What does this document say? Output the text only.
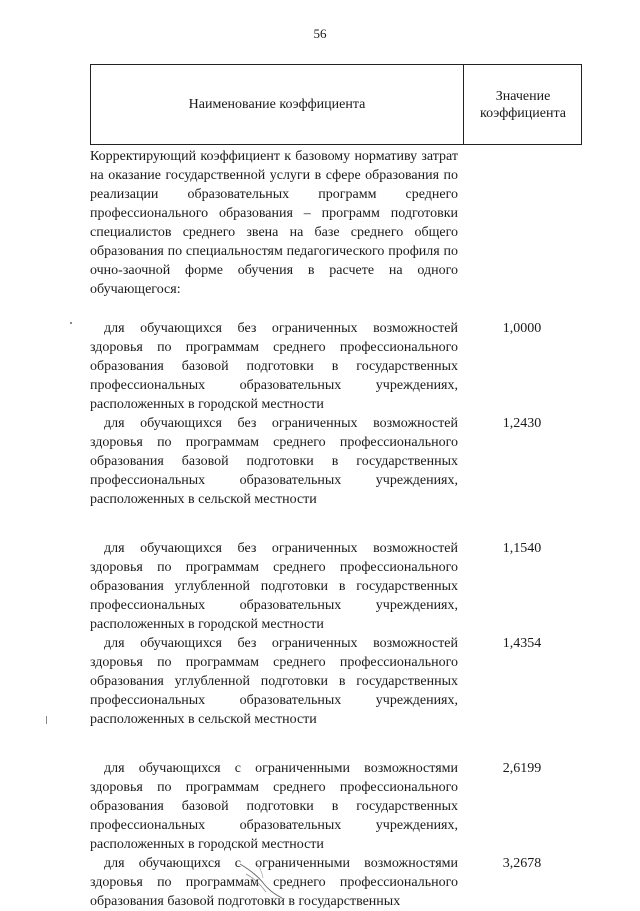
56
Наименование коэффициента
Значение
коэффициента
Корректирующий коэффициент к базовому нормативу затрат на оказание государственной услуги в сфере образования по реализации образовательных программ среднего профессионального образования – программ подготовки специалистов среднего звена на базе среднего общего образования по специальностям педагогического профиля по очно-заочной форме обучения в расчете на одного обучающегося:
для обучающихся без ограниченных возможностей здоровья по программам среднего профессионального образования базовой подготовки в государственных профессиональных образовательных учреждениях, расположенных в городской местности
1,0000
для обучающихся без ограниченных возможностей здоровья по программам среднего профессионального образования базовой подготовки в государственных профессиональных образовательных учреждениях, расположенных в сельской местности
1,2430
для обучающихся без ограниченных возможностей здоровья по программам среднего профессионального образования углубленной подготовки в государственных профессиональных образовательных учреждениях, расположенных в городской местности
1,1540
для обучающихся без ограниченных возможностей здоровья по программам среднего профессионального образования углубленной подготовки в государственных профессиональных образовательных учреждениях, расположенных в сельской местности
1,4354
для обучающихся с ограниченными возможностями здоровья по программам среднего профессионального образования базовой подготовки в государственных профессиональных образовательных учреждениях, расположенных в городской местности
2,6199
для обучающихся с ограниченными возможностями здоровья по программам среднего профессионального образования базовой подготовки в государственных
3,2678
